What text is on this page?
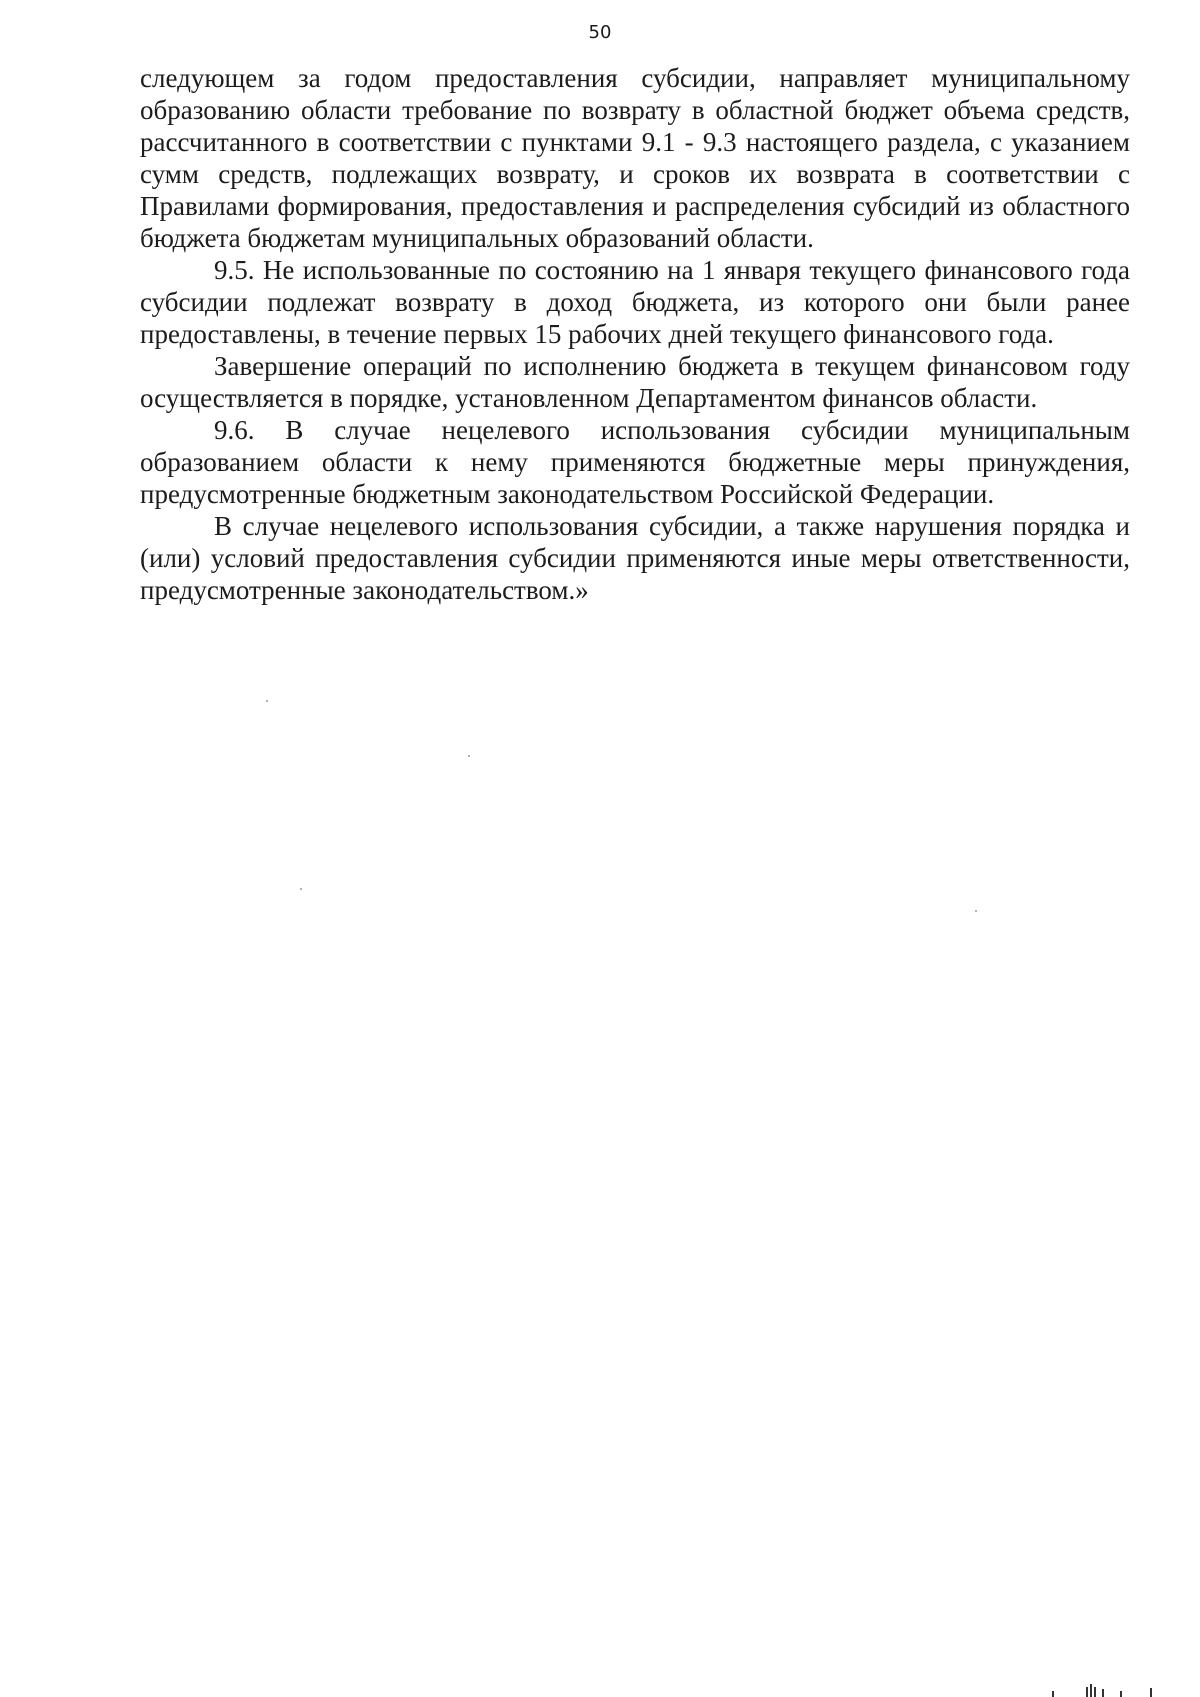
50

следующем за годом предоставления субсидии, направляет муниципальному образованию области требование по возврату в областной бюджет объема средств, рассчитанного в соответствии с пунктами 9.1 - 9.3 настоящего раздела, с указанием сумм средств, подлежащих возврату, и сроков их возврата в соответствии с Правилами формирования, предоставления и распределения субсидий из областного бюджета бюджетам муниципальных образований области.

9.5. Не использованные по состоянию на 1 января текущего финансового года субсидии подлежат возврату в доход бюджета, из которого они были ранее предоставлены, в течение первых 15 рабочих дней текущего финансового года.

Завершение операций по исполнению бюджета в текущем финансовом году осуществляется в порядке, установленном Департаментом финансов области.

9.6. В случае нецелевого использования субсидии муниципальным образованием области к нему применяются бюджетные меры принуждения, предусмотренные бюджетным законодательством Российской Федерации.

В случае нецелевого использования субсидии, а также нарушения порядка и (или) условий предоставления субсидии применяются иные меры ответственности, предусмотренные законодательством.»
